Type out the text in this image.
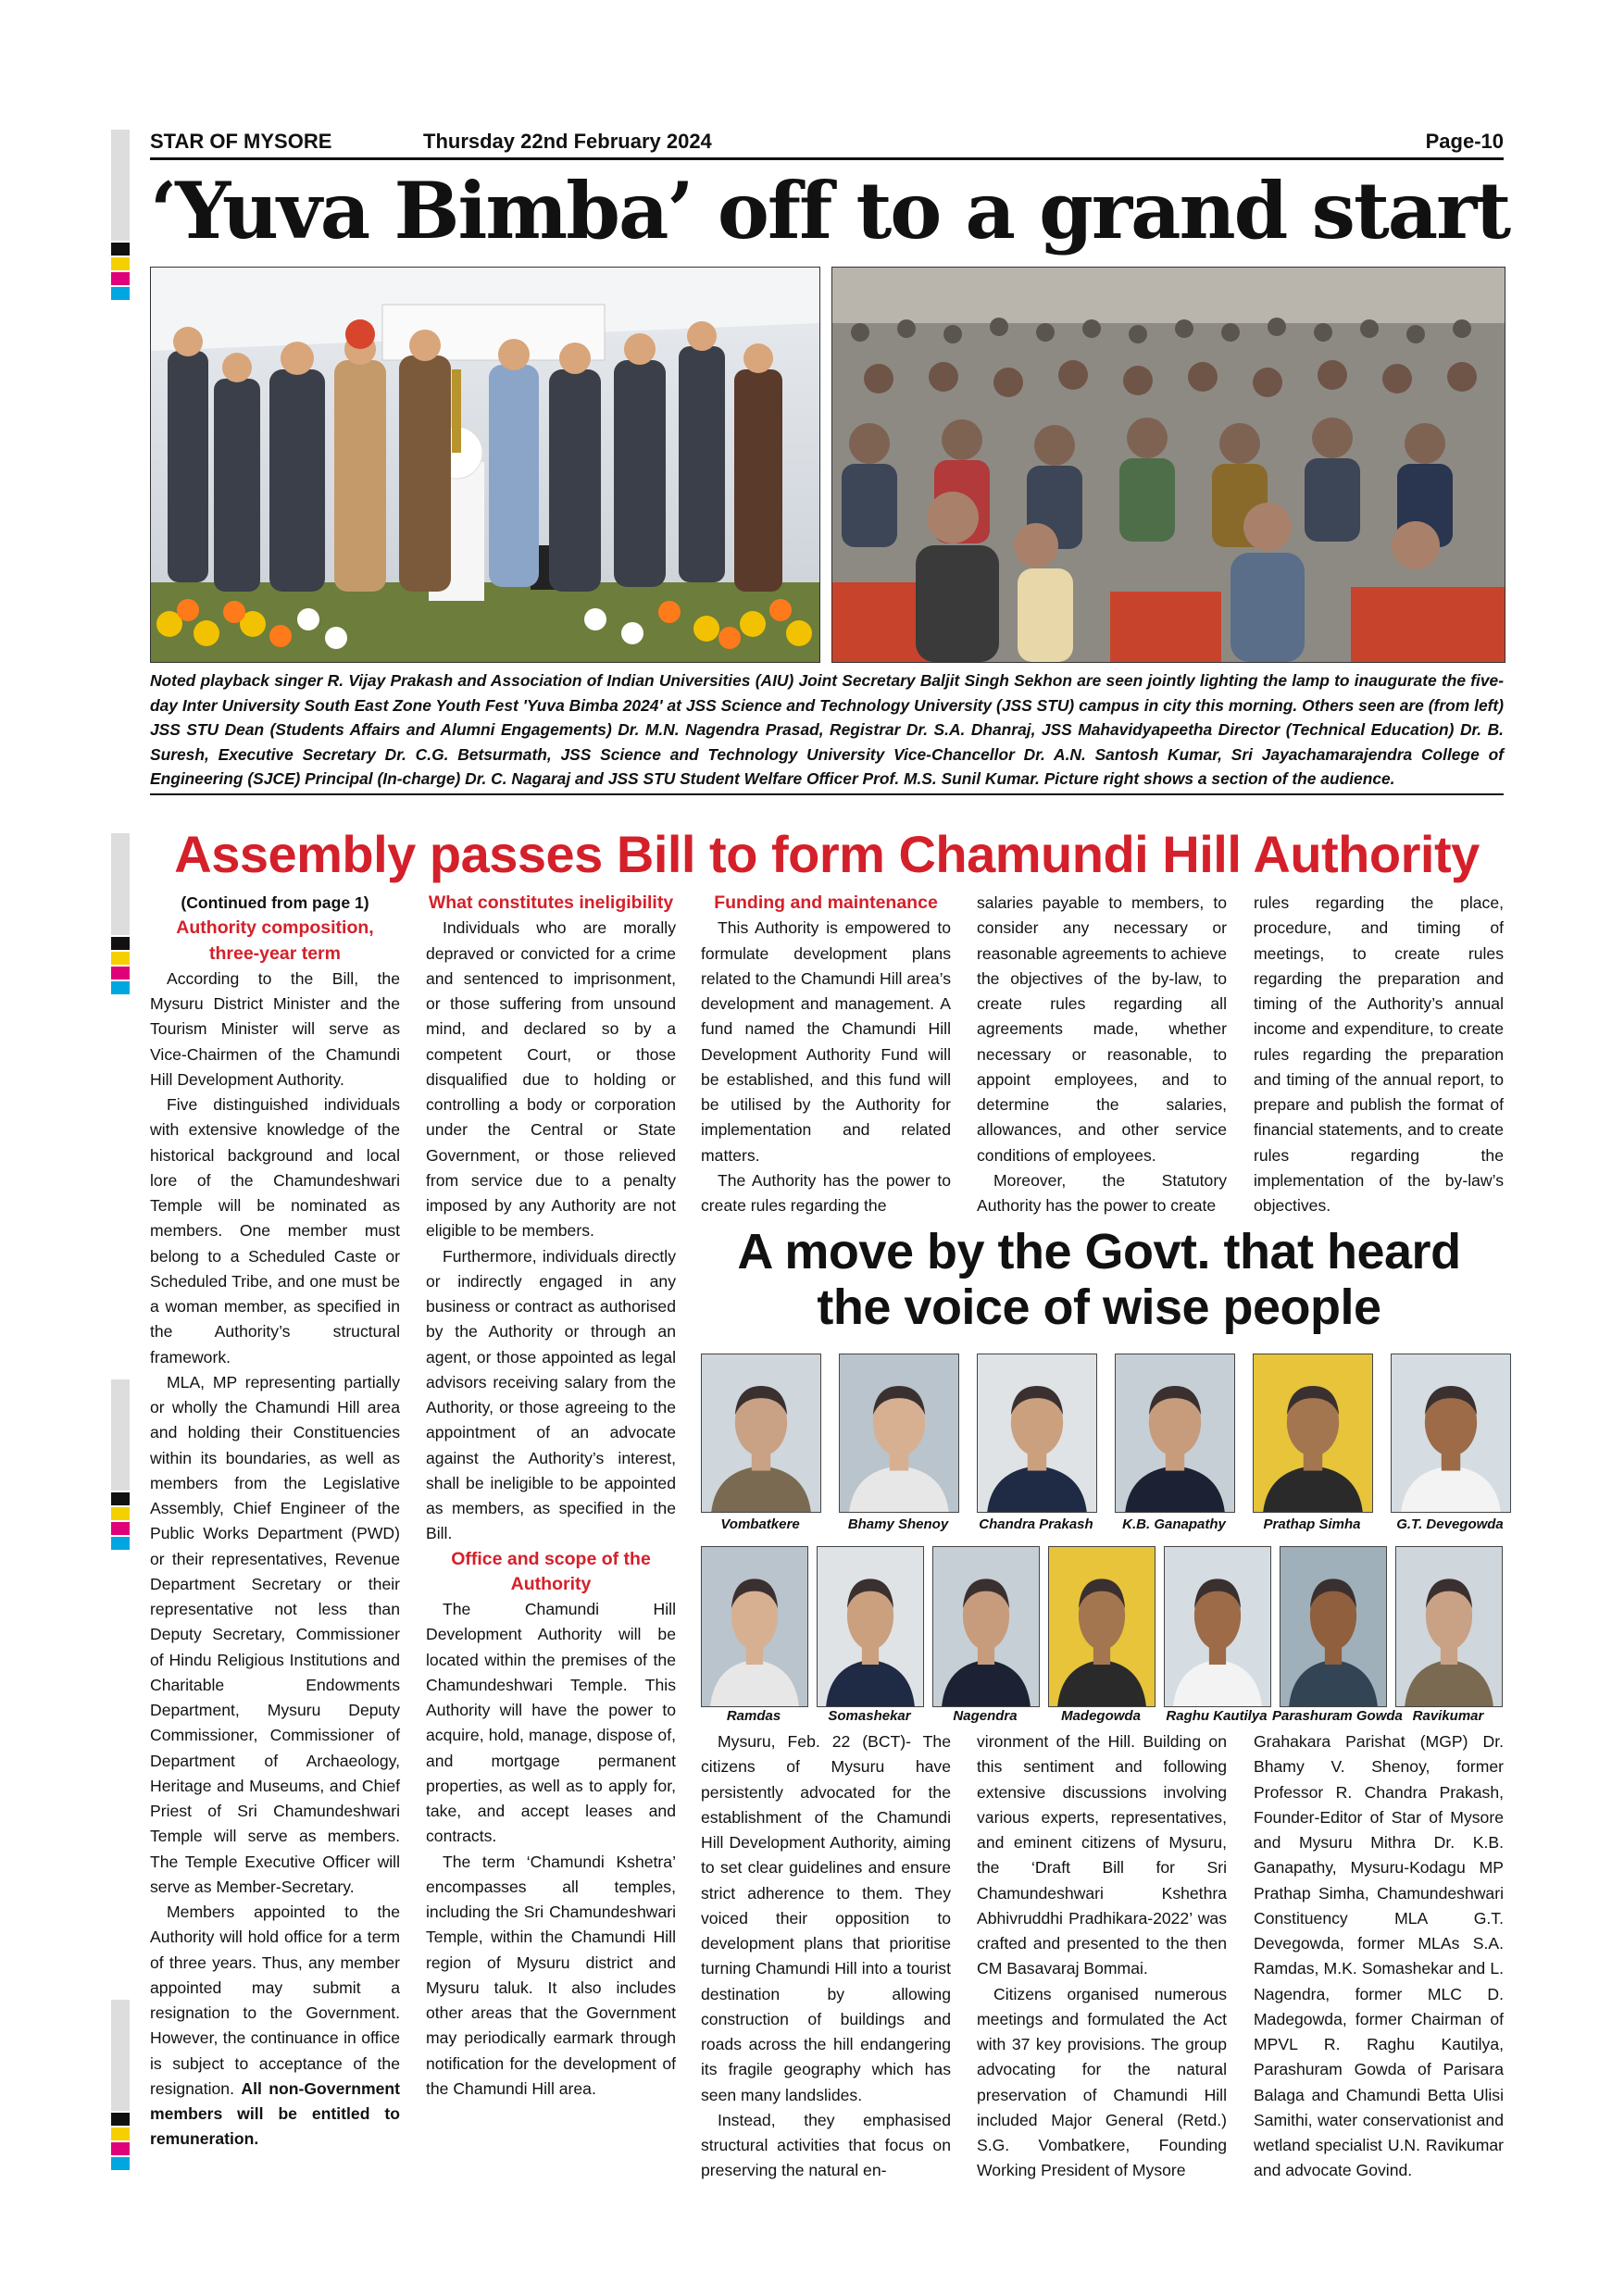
STAR OF MYSORE	Thursday 22nd February 2024	Page-10
‘Yuva Bimba’ off to a grand start
Noted playback singer R. Vijay Prakash and Association of Indian Universities (AIU) Joint Secretary Baljit Singh Sekhon are seen jointly lighting the lamp to inaugurate the five-day Inter University South East Zone Youth Fest 'Yuva Bimba 2024' at JSS Science and Technology University (JSS STU) campus in city this morning. Others seen are (from left) JSS STU Dean (Students Affairs and Alumni Engagements) Dr. M.N. Nagendra Prasad, Registrar Dr. S.A. Dhanraj, JSS Mahavidyapeetha Director (Technical Education) Dr. B. Suresh, Executive Secretary Dr. C.G. Betsurmath, JSS Science and Technology University Vice-Chancellor Dr. A.N. Santosh Kumar, Sri Jayachamarajendra College of Engineering (SJCE) Principal (In-charge) Dr. C. Nagaraj and JSS STU Student Welfare Officer Prof. M.S. Sunil Kumar. Picture right shows a section of the audience.
Assembly passes Bill to form Chamundi Hill Authority
(Continued from page 1)
Authority composition, three-year term

According to the Bill, the Mysuru District Minister and the Tourism Minister will serve as Vice-Chairmen of the Chamundi Hill Development Authority.

Five distinguished individuals with extensive knowledge of the historical background and local lore of the Chamundeshwari Temple will be nominated as members. One member must belong to a Scheduled Caste or Scheduled Tribe, and one must be a woman member, as specified in the Authority’s structural framework.

MLA, MP representing partially or wholly the Chamundi Hill area and holding their Constituencies within its boundaries, as well as members from the Legislative Assembly, Chief Engineer of the Public Works Department (PWD) or their representatives, Revenue Department Secretary or their representative not less than Deputy Secretary, Commissioner of Hindu Religious Institutions and Charitable Endowments Department, Mysuru Deputy Commissioner, Commissioner of Department of Archaeology, Heritage and Museums, and Chief Priest of Sri Chamundeshwari Temple will serve as members. The Temple Executive Officer will serve as Member-Secretary.

Members appointed to the Authority will hold office for a term of three years. Thus, any member appointed may submit a resignation to the Government. However, the continuance in office is subject to acceptance of the resignation. All non-Government members will be entitled to remuneration.

What constitutes ineligibility

Individuals who are morally depraved or convicted for a crime and sentenced to imprisonment, or those suffering from unsound mind, and declared so by a competent Court, or those disqualified due to holding or controlling a body or corporation under the Central or State Government, or those relieved from service due to a penalty imposed by any Authority are not eligible to be members.

Furthermore, individuals directly or indirectly engaged in any business or contract as authorised by the Authority or through an agent, or those appointed as legal advisors receiving salary from the Authority, or those agreeing to the appointment of an advocate against the Authority’s interest, shall be ineligible to be appointed as members, as specified in the Bill.

Office and scope of the Authority

The Chamundi Hill Development Authority will be located within the premises of the Chamundeshwari Temple. This Authority will have the power to acquire, hold, manage, dispose of, and mortgage permanent properties, as well as to apply for, take, and accept leases and contracts.

The term ‘Chamundi Kshetra’ encompasses all temples, including the Sri Chamundeshwari Temple, within the Chamundi Hill region of Mysuru district and Mysuru taluk. It also includes other areas that the Government may periodically earmark through notification for the development of the Chamundi Hill area.

Funding and maintenance

This Authority is empowered to formulate development plans related to the Chamundi Hill area’s development and management. A fund named the Chamundi Hill Development Authority Fund will be established, and this fund will be utilised by the Authority for implementation and related matters.

The Authority has the power to create rules regarding the

salaries payable to members, to consider any necessary or reasonable agreements to achieve the objectives of the by-law, to create rules regarding all agreements made, whether necessary or reasonable, to appoint employees, and to determine the salaries, allowances, and other service conditions of employees.

Moreover, the Statutory Authority has the power to create

rules regarding the place, procedure, and timing of meetings, to create rules regarding the preparation and timing of the Authority’s annual income and expenditure, to create rules regarding the preparation and timing of the annual report, to prepare and publish the format of financial statements, and to create rules regarding the implementation of the by-law’s objectives.

A move by the Govt. that heard
the voice of wise people
Vombatkere	Bhamy Shenoy	Chandra Prakash	K.B. Ganapathy	Prathap Simha	G.T. Devegowda
Ramdas	Somashekar	Nagendra	Madegowda	Raghu Kautilya Parashuram Gowda Ravikumar

Mysuru, Feb. 22 (BCT)- The citizens of Mysuru have persistently advocated for the establishment of the Chamundi Hill Development Authority, aiming to set clear guidelines and ensure strict adherence to them. They voiced their opposition to development plans that prioritise turning Chamundi Hill into a tourist destination by allowing construction of buildings and roads across the hill endangering its fragile geography which has seen many landslides.

Instead, they emphasised structural activities that focus on preserving the natural en-

vironment of the Hill. Building on this sentiment and following extensive discussions involving various experts, representatives, and eminent citizens of Mysuru, the ‘Draft Bill for Sri Chamundeshwari Kshethra Abhivruddhi Pradhikara-2022’ was crafted and presented to the then CM Basavaraj Bommai.

Citizens organised numerous meetings and formulated the Act with 37 key provisions. The group advocating for the natural preservation of Chamundi Hill included Major General (Retd.) S.G. Vombatkere, Founding Working President of Mysore

Grahakara Parishat (MGP) Dr. Bhamy V. Shenoy, former Professor R. Chandra Prakash, Founder-Editor of Star of Mysore and Mysuru Mithra Dr. K.B. Ganapathy, Mysuru-Kodagu MP Prathap Simha, Chamundeshwari Constituency MLA G.T. Devegowda, former MLAs S.A. Ramdas, M.K. Somashekar and L. Nagendra, former MLC D. Madegowda, former Chairman of MPVL R. Raghu Kautilya, Parashuram Gowda of Parisara Balaga and Chamundi Betta Ulisi Samithi, water conservationist and wetland specialist U.N. Ravikumar and advocate Govind.
